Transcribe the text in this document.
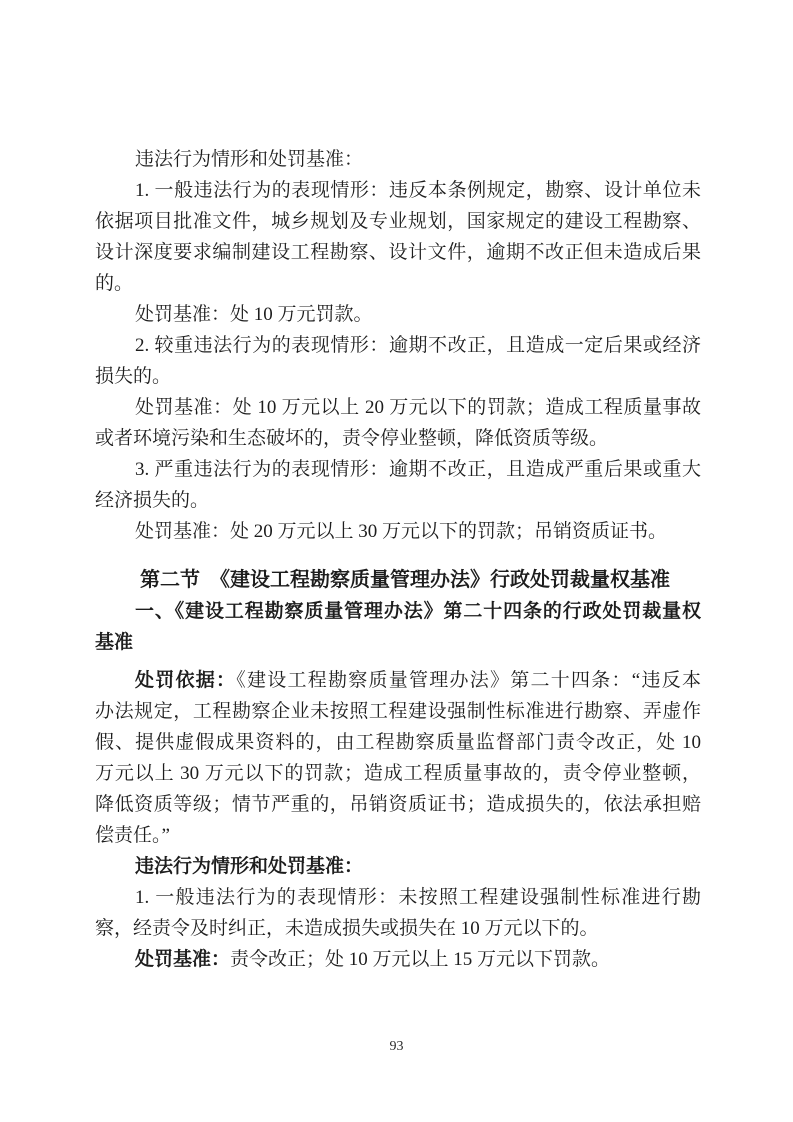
违法行为情形和处罚基准：
1. 一般违法行为的表现情形：违反本条例规定，勘察、设计单位未
依据项目批准文件，城乡规划及专业规划，国家规定的建设工程勘察、
设计深度要求编制建设工程勘察、设计文件，逾期不改正但未造成后果
的。
处罚基准：处 10 万元罚款。
2. 较重违法行为的表现情形：逾期不改正，且造成一定后果或经济
损失的。
处罚基准：处 10 万元以上 20 万元以下的罚款；造成工程质量事故
或者环境污染和生态破坏的，责令停业整顿，降低资质等级。
3. 严重违法行为的表现情形：逾期不改正，且造成严重后果或重大
经济损失的。
处罚基准：处 20 万元以上 30 万元以下的罚款；吊销资质证书。
第二节　《建设工程勘察质量管理办法》行政处罚裁量权基准
一、《建设工程勘察质量管理办法》第二十四条的行政处罚裁量权
基准
处罚依据：《建设工程勘察质量管理办法》第二十四条：“违反本
办法规定，工程勘察企业未按照工程建设强制性标准进行勘察、弄虚作
假、提供虚假成果资料的，由工程勘察质量监督部门责令改正，处 10
万元以上 30 万元以下的罚款；造成工程质量事故的，责令停业整顿，
降低资质等级；情节严重的，吊销资质证书；造成损失的，依法承担赔
偿责任。”
违法行为情形和处罚基准：
1. 一般违法行为的表现情形：未按照工程建设强制性标准进行勘
察，经责令及时纠正，未造成损失或损失在 10 万元以下的。
处罚基准：责令改正；处 10 万元以上 15 万元以下罚款。
93
